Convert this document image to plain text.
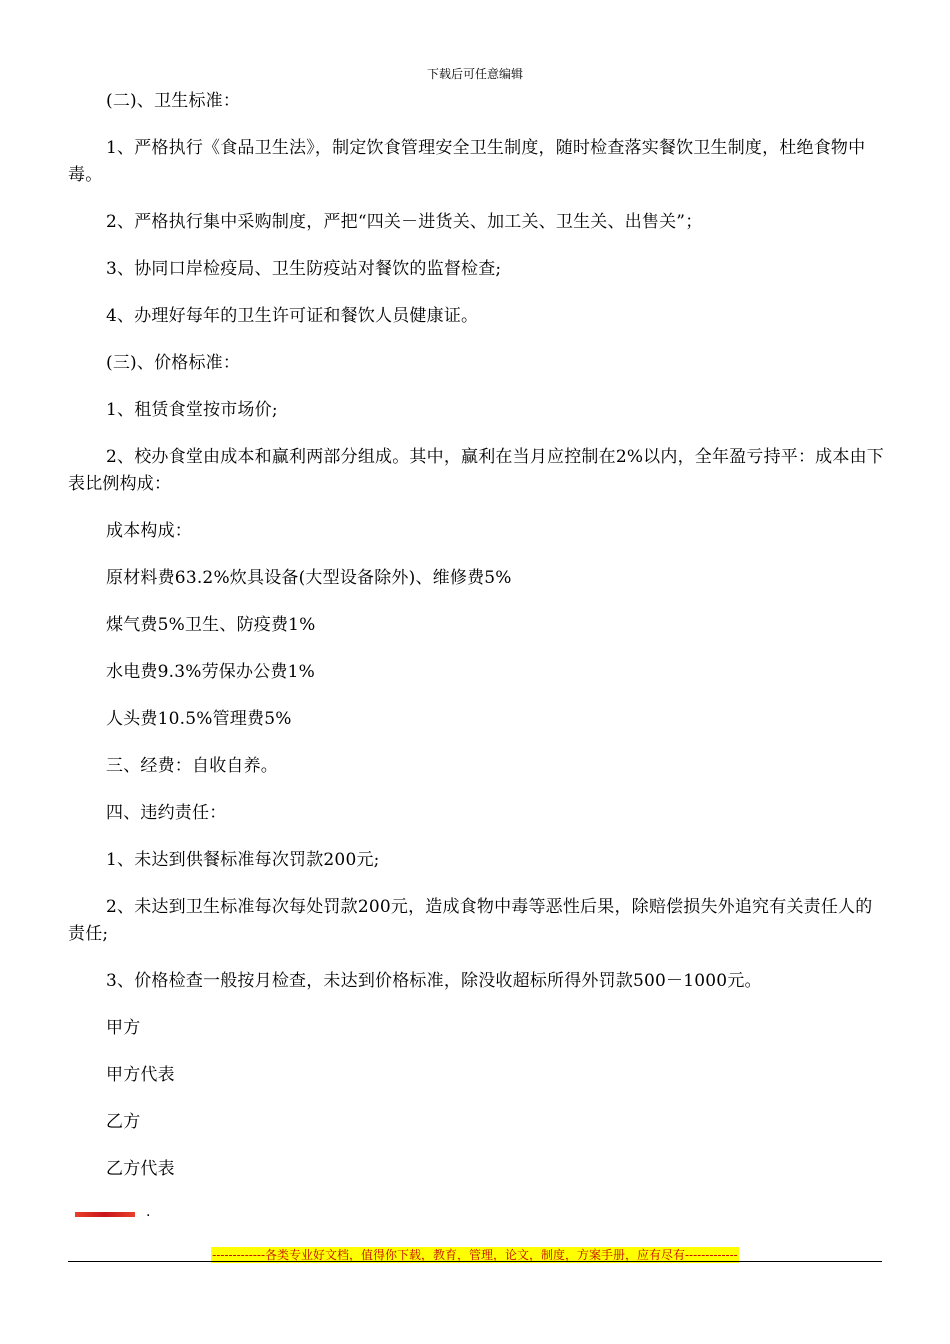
下载后可任意编辑

(二)、卫生标准：

1、严格执行《食品卫生法》，制定饮食管理安全卫生制度，随时检查落实餐饮卫生制度，杜绝食物中毒。

2、严格执行集中采购制度，严把“四关－进货关、加工关、卫生关、出售关”；

3、协同口岸检疫局、卫生防疫站对餐饮的监督检查;

4、办理好每年的卫生许可证和餐饮人员健康证。

(三)、价格标准：

1、租赁食堂按市场价;

2、校办食堂由成本和赢利两部分组成。其中，赢利在当月应控制在2%以内，全年盈亏持平：成本由下表比例构成：

成本构成：

原材料费63.2%炊具设备(大型设备除外)、维修费5%

煤气费5%卫生、防疫费1%

水电费9.3%劳保办公费1%

人头费10.5%管理费5%

三、经费：自收自养。

四、违约责任：

1、未达到供餐标准每次罚款200元;

2、未达到卫生标准每次每处罚款200元，造成食物中毒等恶性后果，除赔偿损失外追究有关责任人的责任;

3、价格检查一般按月检查，未达到价格标准，除没收超标所得外罚款500－1000元。

甲方

甲方代表

乙方

乙方代表

.
-------------各类专业好文档，值得你下载，教育，管理，论文，制度，方案手册，应有尽有-------------
